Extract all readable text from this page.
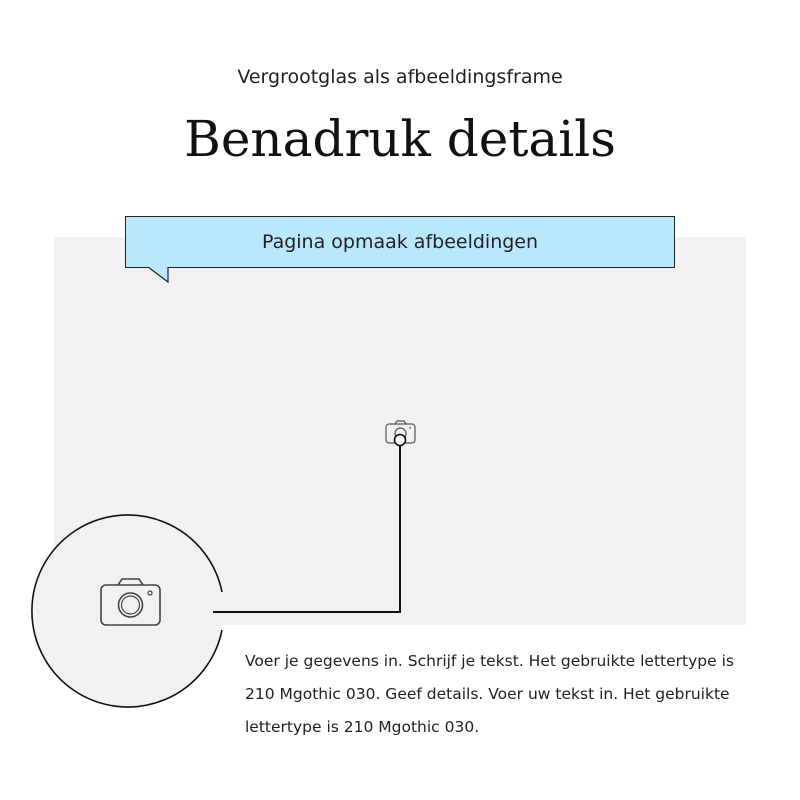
Vergrootglas als afbeeldingsframe
Benadruk details
Pagina opmaak afbeeldingen
Voer je gegevens in. Schrijf je tekst. Het gebruikte lettertype is 210 Mgothic 030. Geef details. Voer uw tekst in. Het gebruikte lettertype is 210 Mgothic 030.
